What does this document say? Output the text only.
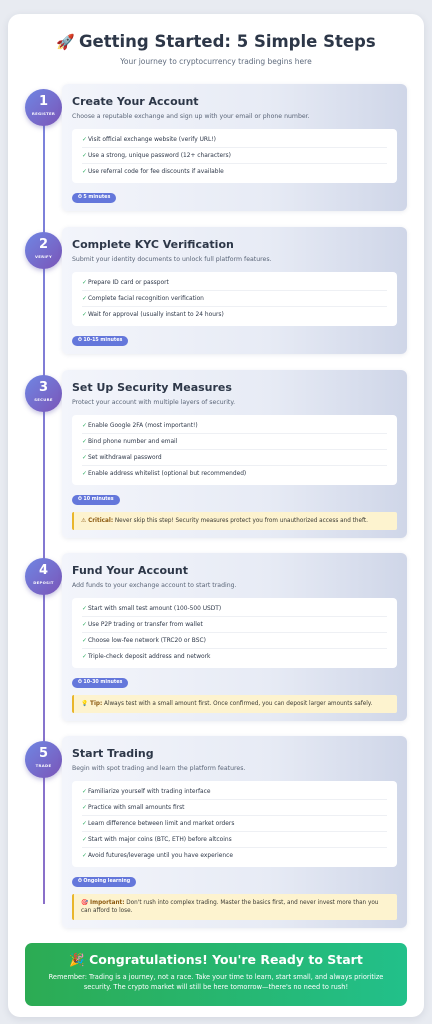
🚀 Getting Started: 5 Simple Steps
Your journey to cryptocurrency trading begins here
1
REGISTER
Create Your Account
Choose a reputable exchange and sign up with your email or phone number.
✓Visit official exchange website (verify URL!)
✓Use a strong, unique password (12+ characters)
✓Use referral code for fee discounts if available
⏱ 5 minutes
2
VERIFY
Complete KYC Verification
Submit your identity documents to unlock full platform features.
✓Prepare ID card or passport
✓Complete facial recognition verification
✓Wait for approval (usually instant to 24 hours)
⏱ 10-15 minutes
3
SECURE
Set Up Security Measures
Protect your account with multiple layers of security.
✓Enable Google 2FA (most important!)
✓Bind phone number and email
✓Set withdrawal password
✓Enable address whitelist (optional but recommended)
⏱ 10 minutes
⚠ Critical: Never skip this step! Security measures protect you from unauthorized access and theft.
4
DEPOSIT
Fund Your Account
Add funds to your exchange account to start trading.
✓Start with small test amount (100-500 USDT)
✓Use P2P trading or transfer from wallet
✓Choose low-fee network (TRC20 or BSC)
✓Triple-check deposit address and network
⏱ 10-30 minutes
💡 Tip: Always test with a small amount first. Once confirmed, you can deposit larger amounts safely.
5
TRADE
Start Trading
Begin with spot trading and learn the platform features.
✓Familiarize yourself with trading interface
✓Practice with small amounts first
✓Learn difference between limit and market orders
✓Start with major coins (BTC, ETH) before altcoins
✓Avoid futures/leverage until you have experience
⏱ Ongoing learning
🎯 Important: Don't rush into complex trading. Master the basics first, and never invest more than you can afford to lose.
🎉 Congratulations! You're Ready to Start
Remember: Trading is a journey, not a race. Take your time to learn, start small, and always prioritize security. The crypto market will still be here tomorrow—there's no need to rush!
